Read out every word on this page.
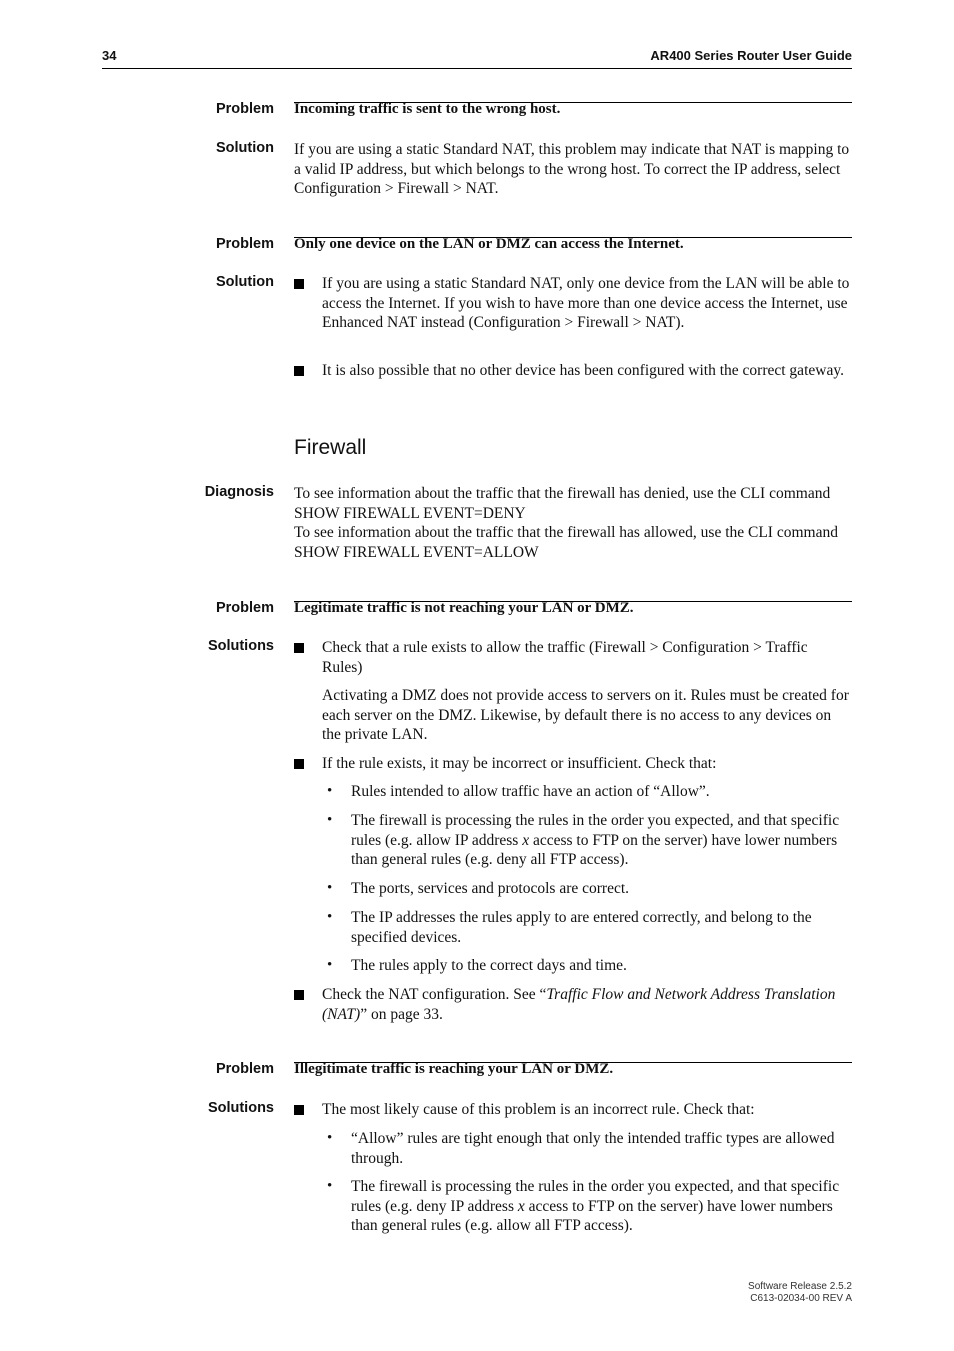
34	AR400 Series Router User Guide
Problem Incoming traffic is sent to the wrong host.
Solution If you are using a static Standard NAT, this problem may indicate that NAT is mapping to a valid IP address, but which belongs to the wrong host. To correct the IP address, select Configuration > Firewall > NAT.
Problem Only one device on the LAN or DMZ can access the Internet.
Solution	If you are using a static Standard NAT, only one device from the LAN will be able to access the Internet. If you wish to have more than one device access the Internet, use Enhanced NAT instead (Configuration > Firewall > NAT).
It is also possible that no other device has been configured with the correct gateway.
Firewall
Diagnosis To see information about the traffic that the firewall has denied, use the CLI command SHOW FIREWALL EVENT=DENY
To see information about the traffic that the firewall has allowed, use the CLI command SHOW FIREWALL EVENT=ALLOW
Problem Legitimate traffic is not reaching your LAN or DMZ.
Solutions	Check that a rule exists to allow the traffic (Firewall > Configuration > Traffic Rules)
Activating a DMZ does not provide access to servers on it. Rules must be created for each server on the DMZ. Likewise, by default there is no access to any devices on the private LAN.
If the rule exists, it may be incorrect or insufficient. Check that:
• Rules intended to allow traffic have an action of “Allow”.
• The firewall is processing the rules in the order you expected, and that specific rules (e.g. allow IP address x access to FTP on the server) have lower numbers than general rules (e.g. deny all FTP access).
• The ports, services and protocols are correct.
• The IP addresses the rules apply to are entered correctly, and belong to the specified devices.
• The rules apply to the correct days and time.
Check the NAT configuration. See “Traffic Flow and Network Address Translation (NAT)” on page 33.
Problem Illegitimate traffic is reaching your LAN or DMZ.
Solutions	The most likely cause of this problem is an incorrect rule. Check that:
• “Allow” rules are tight enough that only the intended traffic types are allowed through.
• The firewall is processing the rules in the order you expected, and that specific rules (e.g. deny IP address x access to FTP on the server) have lower numbers than general rules (e.g. allow all FTP access).
Software Release 2.5.2
C613-02034-00 REV A
